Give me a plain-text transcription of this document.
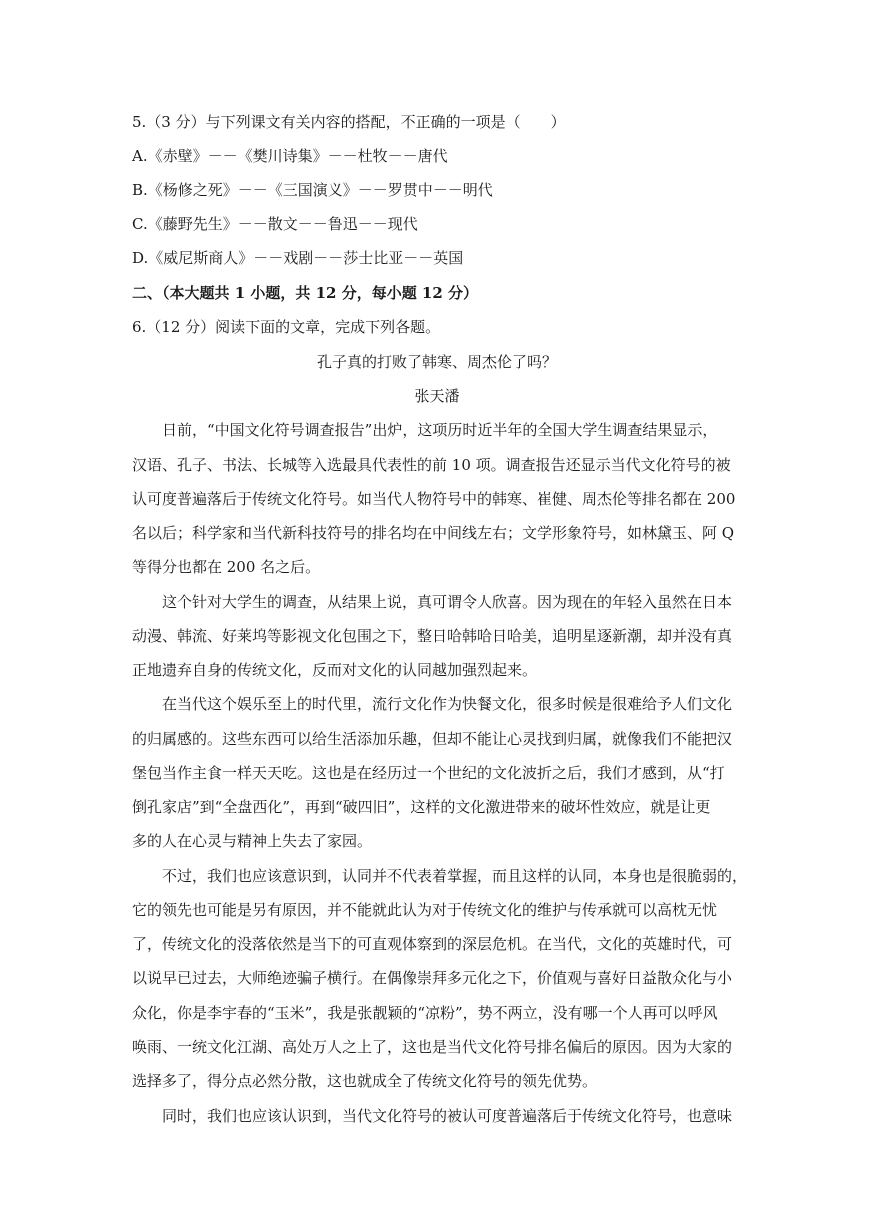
5.（3 分）与下列课文有关内容的搭配，不正确的一项是（　　）
A.《赤壁》－－《樊川诗集》－－杜牧－－唐代
B.《杨修之死》－－《三国演义》－－罗贯中－－明代
C.《藤野先生》－－散文－－鲁迅－－现代
D.《威尼斯商人》－－戏剧－－莎士比亚－－英国
二、（本大题共 1 小题，共 12 分，每小题 12 分）
6.（12 分）阅读下面的文章，完成下列各题。
孔子真的打败了韩寒、周杰伦了吗？
张天潘
日前，“中国文化符号调查报告”出炉，这项历时近半年的全国大学生调查结果显示，
汉语、孔子、书法、长城等入选最具代表性的前 10 项。调查报告还显示当代文化符号的被
认可度普遍落后于传统文化符号。如当代人物符号中的韩寒、崔健、周杰伦等排名都在 200
名以后；科学家和当代新科技符号的排名均在中间线左右；文学形象符号，如林黛玉、阿 Q
等得分也都在 200 名之后。
这个针对大学生的调查，从结果上说，真可谓令人欣喜。因为现在的年轻入虽然在日本
动漫、韩流、好莱坞等影视文化包围之下，整日哈韩哈日哈美，追明星逐新潮，却并没有真
正地遗弃自身的传统文化，反而对文化的认同越加强烈起来。
在当代这个娱乐至上的时代里，流行文化作为快餐文化，很多时候是很难给予人们文化
的归属感的。这些东西可以给生活添加乐趣，但却不能让心灵找到归属，就像我们不能把汉
堡包当作主食一样天天吃。这也是在经历过一个世纪的文化波折之后，我们才感到，从“打
倒孔家店”到“全盘西化”，再到“破四旧”，这样的文化激进带来的破坏性效应，就是让更
多的人在心灵与精神上失去了家园。
不过，我们也应该意识到，认同并不代表着掌握，而且这样的认同，本身也是很脆弱的，
它的领先也可能是另有原因，并不能就此认为对于传统文化的维护与传承就可以高枕无忧
了，传统文化的没落依然是当下的可直观体察到的深层危机。在当代，文化的英雄时代，可
以说早已过去，大师绝迹骗子横行。在偶像崇拜多元化之下，价值观与喜好日益散众化与小
众化，你是李宇春的“玉米”，我是张靓颖的“凉粉”，势不两立，没有哪一个人再可以呼风
唤雨、一统文化江湖、高处万人之上了，这也是当代文化符号排名偏后的原因。因为大家的
选择多了，得分点必然分散，这也就成全了传统文化符号的领先优势。
同时，我们也应该认识到，当代文化符号的被认可度普遍落后于传统文化符号，也意味
